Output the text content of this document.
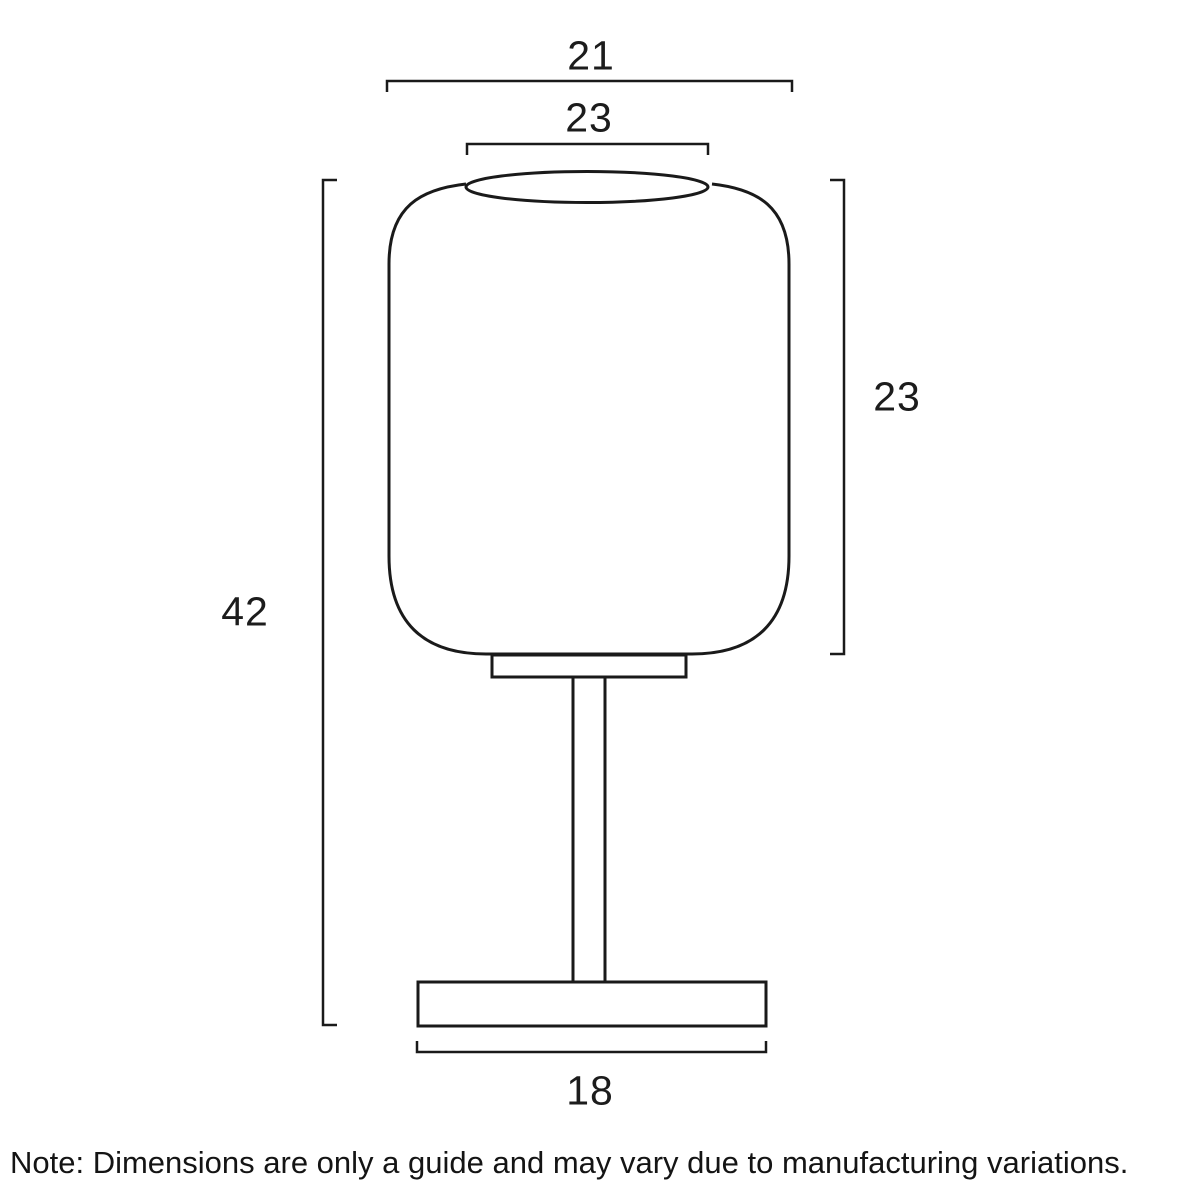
21
23
23
42
18
Note: Dimensions are only a guide and may vary due to manufacturing variations.
